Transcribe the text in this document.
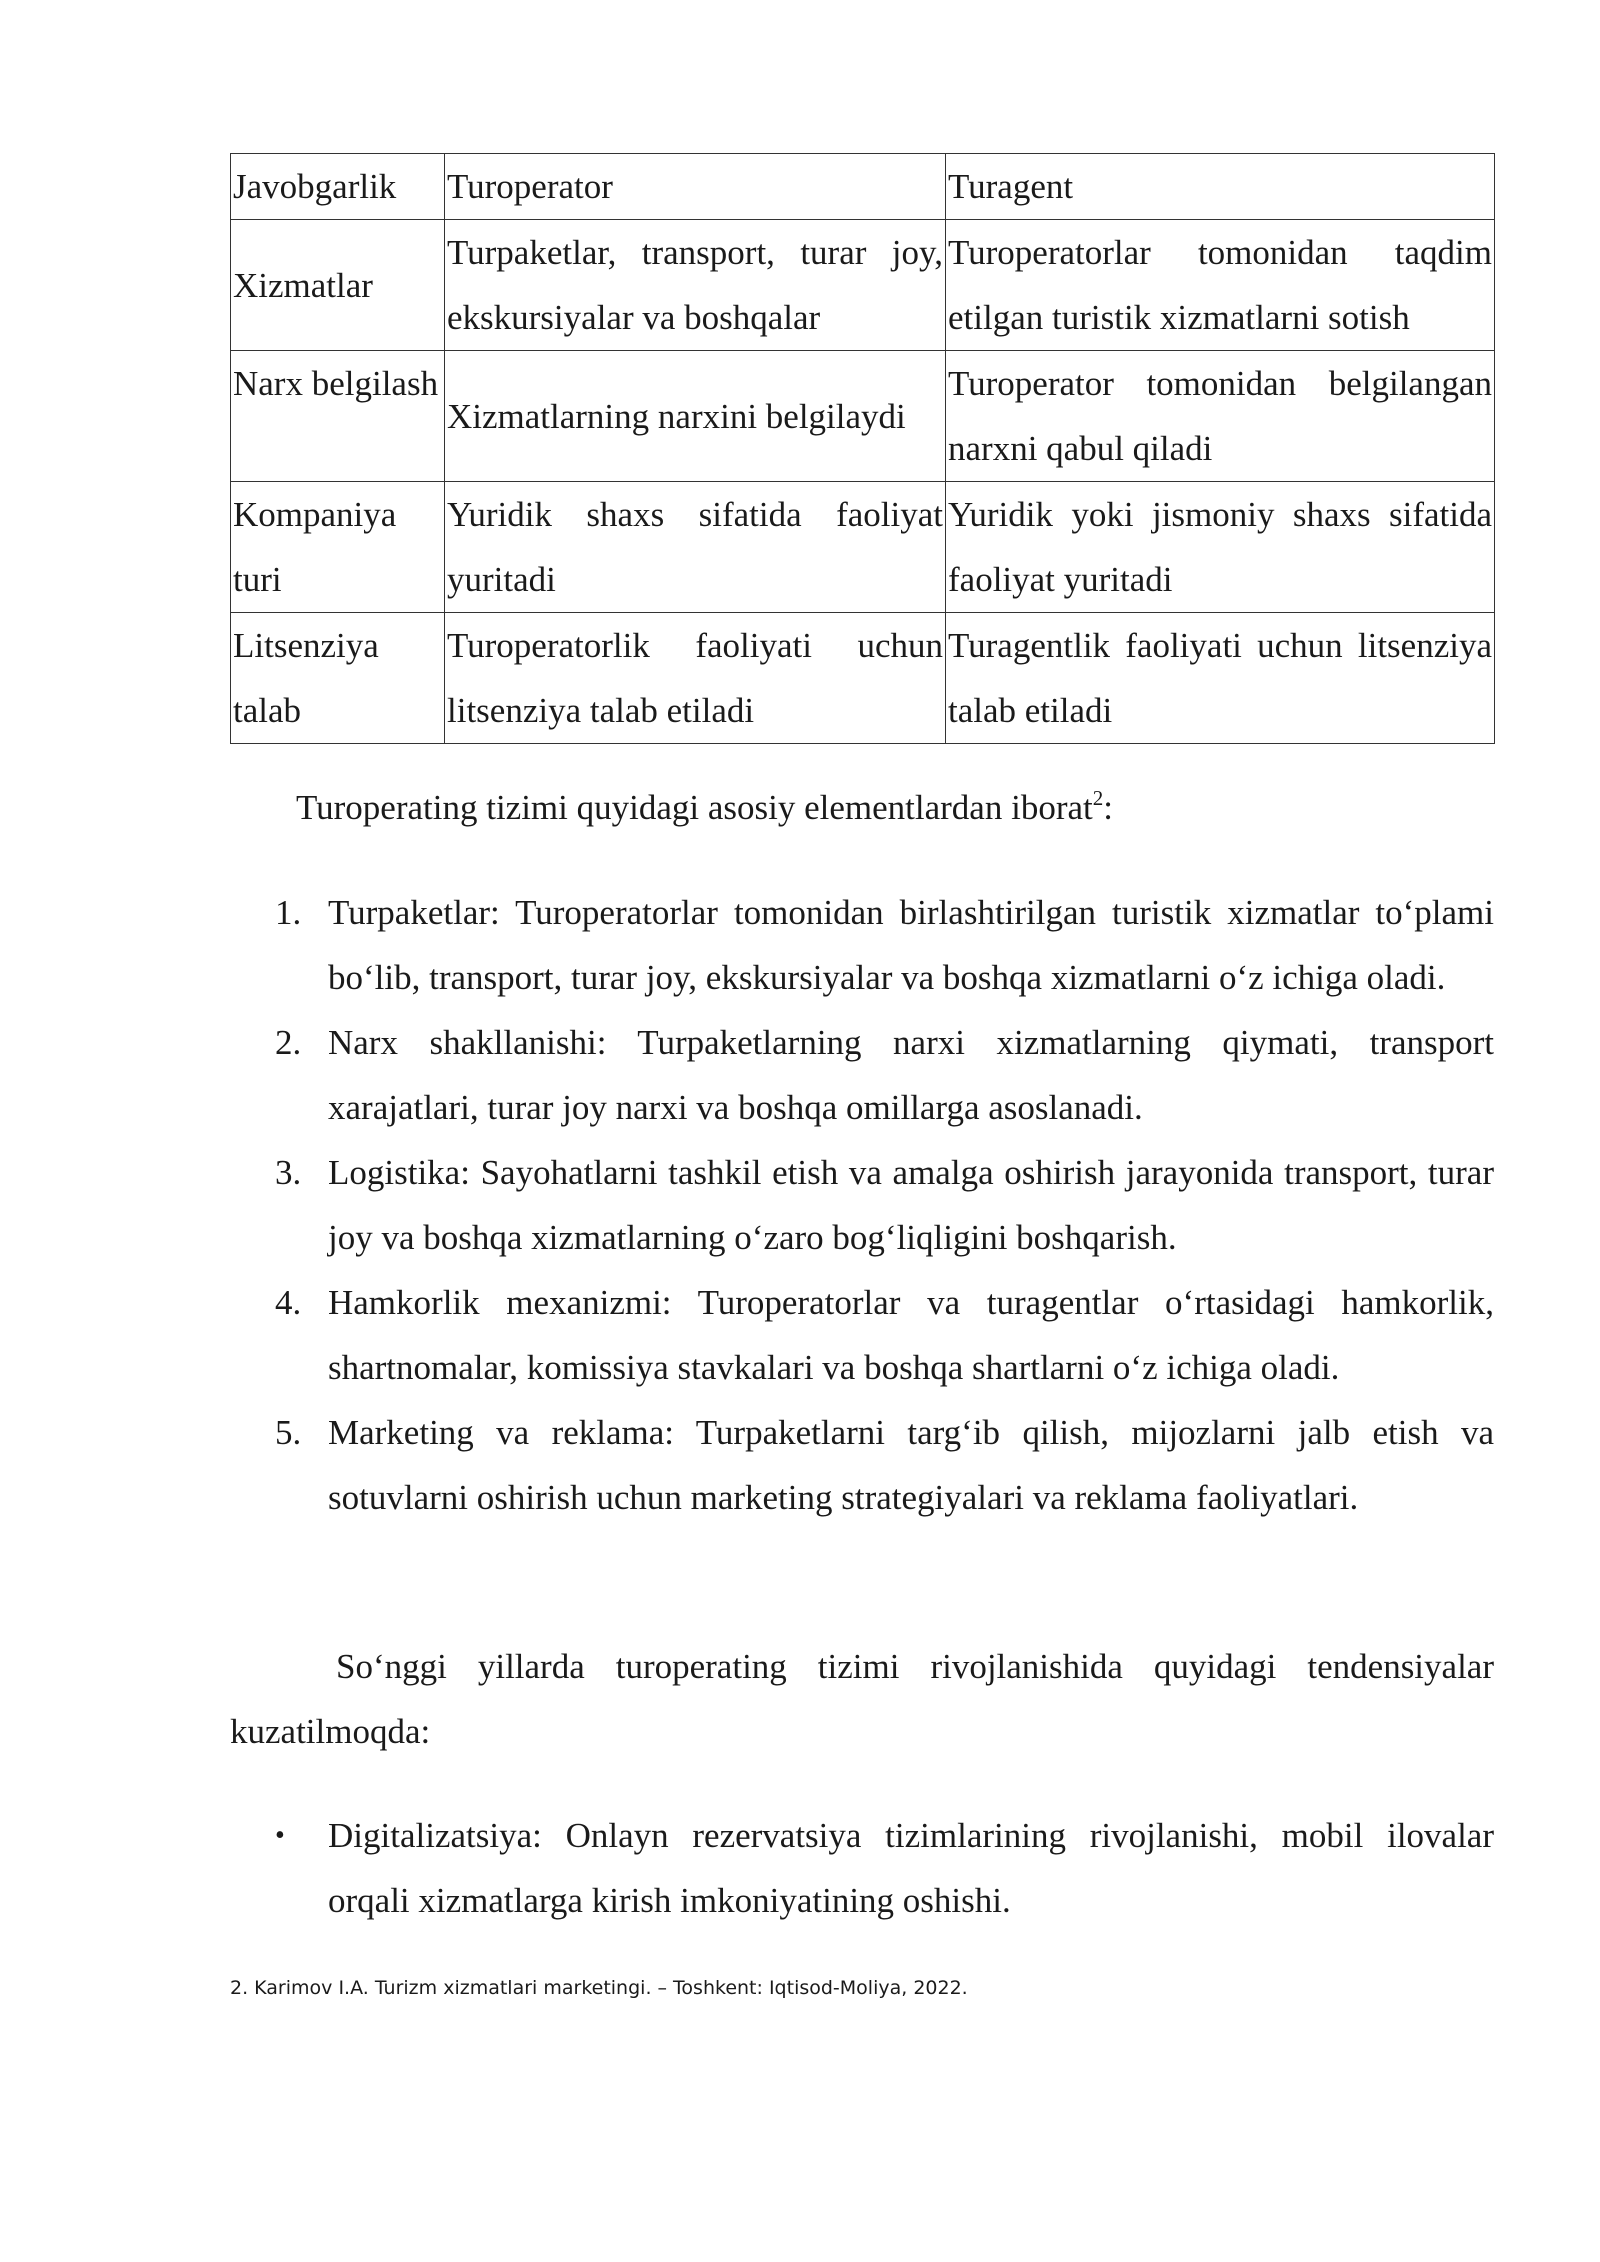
Javobgarlik	Turoperator	Turagent
Xizmatlar	Turpaketlar, transport, turar joy, ekskursiyalar va boshqalar	Turoperatorlar tomonidan taqdim etilgan turistik xizmatlarni sotish
Narx belgilash	Xizmatlarning narxini belgilaydi	Turoperator tomonidan belgilangan narxni qabul qiladi
Kompaniya turi	Yuridik shaxs sifatida faoliyat yuritadi	Yuridik yoki jismoniy shaxs sifatida faoliyat yuritadi
Litsenziya talab	Turoperatorlik faoliyati uchun litsenziya talab etiladi	Turagentlik faoliyati uchun litsenziya talab etiladi

Turoperating tizimi quyidagi asosiy elementlardan iborat$^2$:

1. Turpaketlar: Turoperatorlar tomonidan birlashtirilgan turistik xizmatlar to‘plami bo‘lib, transport, turar joy, ekskursiyalar va boshqa xizmatlarni o‘z ichiga oladi.
2. Narx shakllanishi: Turpaketlarning narxi xizmatlarning qiymati, transport xarajatlari, turar joy narxi va boshqa omillarga asoslanadi.
3. Logistika: Sayohatlarni tashkil etish va amalga oshirish jarayonida transport, turar joy va boshqa xizmatlarning o‘zaro bog‘liqligini boshqarish.
4. Hamkorlik mexanizmi: Turoperatorlar va turagentlar o‘rtasidagi hamkorlik, shartnomalar, komissiya stavkalari va boshqa shartlarni o‘z ichiga oladi.
5. Marketing va reklama: Turpaketlarni targ‘ib qilish, mijozlarni jalb etish va sotuvlarni oshirish uchun marketing strategiyalari va reklama faoliyatlari.

So‘nggi yillarda turoperating tizimi rivojlanishida quyidagi tendensiyalar kuzatilmoqda:

• Digitalizatsiya: Onlayn rezervatsiya tizimlarining rivojlanishi, mobil ilovalar orqali xizmatlarga kirish imkoniyatining oshishi.
2. Karimov I.A. Turizm xizmatlari marketingi. – Toshkent: Iqtisod-Moliya, 2022.
